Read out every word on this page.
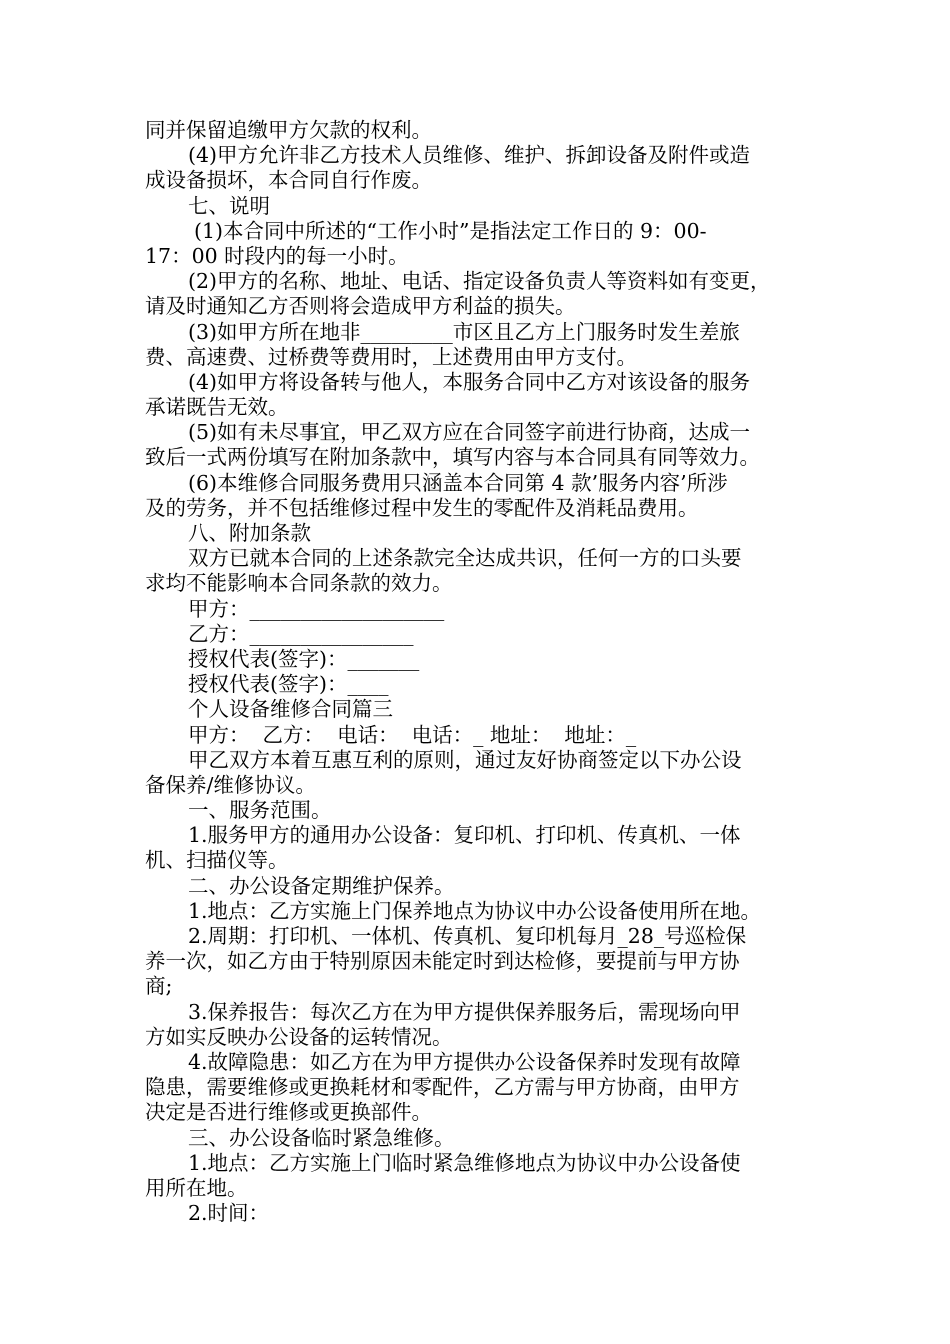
同并保留追缴甲方欠款的权利。
(4)甲方允许非乙方技术人员维修、维护、拆卸设备及附件或造
成设备损坏，本合同自行作废。
七、说明
(1)本合同中所述的“工作小时”是指法定工作日的 9：00-
17：00 时段内的每一小时。
(2)甲方的名称、地址、电话、指定设备负责人等资料如有变更，
请及时通知乙方否则将会造成甲方利益的损失。
(3)如甲方所在地非_________市区且乙方上门服务时发生差旅
费、高速费、过桥费等费用时，上述费用由甲方支付。
(4)如甲方将设备转与他人，本服务合同中乙方对该设备的服务
承诺既告无效。
(5)如有未尽事宜，甲乙双方应在合同签字前进行协商，达成一
致后一式两份填写在附加条款中，填写内容与本合同具有同等效力。
(6)本维修合同服务费用只涵盖本合同第 4 款’服务内容’所涉
及的劳务，并不包括维修过程中发生的零配件及消耗品费用。
八、附加条款
双方已就本合同的上述条款完全达成共识，任何一方的口头要
求均不能影响本合同条款的效力。
甲方：___________________
乙方：________________
授权代表(签字)：_______
授权代表(签字)：____
个人设备维修合同篇三
甲方：  乙方：  电话：  电话：_ 地址：  地址：_
甲乙双方本着互惠互利的原则，通过友好协商签定以下办公设
备保养/维修协议。
一、服务范围。
1.服务甲方的通用办公设备：复印机、打印机、传真机、一体
机、扫描仪等。
二、办公设备定期维护保养。
1.地点：乙方实施上门保养地点为协议中办公设备使用所在地。
2.周期：打印机、一体机、传真机、复印机每月_28_号巡检保
养一次，如乙方由于特别原因未能定时到达检修，要提前与甲方协
商;
3.保养报告：每次乙方在为甲方提供保养服务后，需现场向甲
方如实反映办公设备的运转情况。
4.故障隐患：如乙方在为甲方提供办公设备保养时发现有故障
隐患，需要维修或更换耗材和零配件，乙方需与甲方协商，由甲方
决定是否进行维修或更换部件。
三、办公设备临时紧急维修。
1.地点：乙方实施上门临时紧急维修地点为协议中办公设备使
用所在地。
2.时间：
